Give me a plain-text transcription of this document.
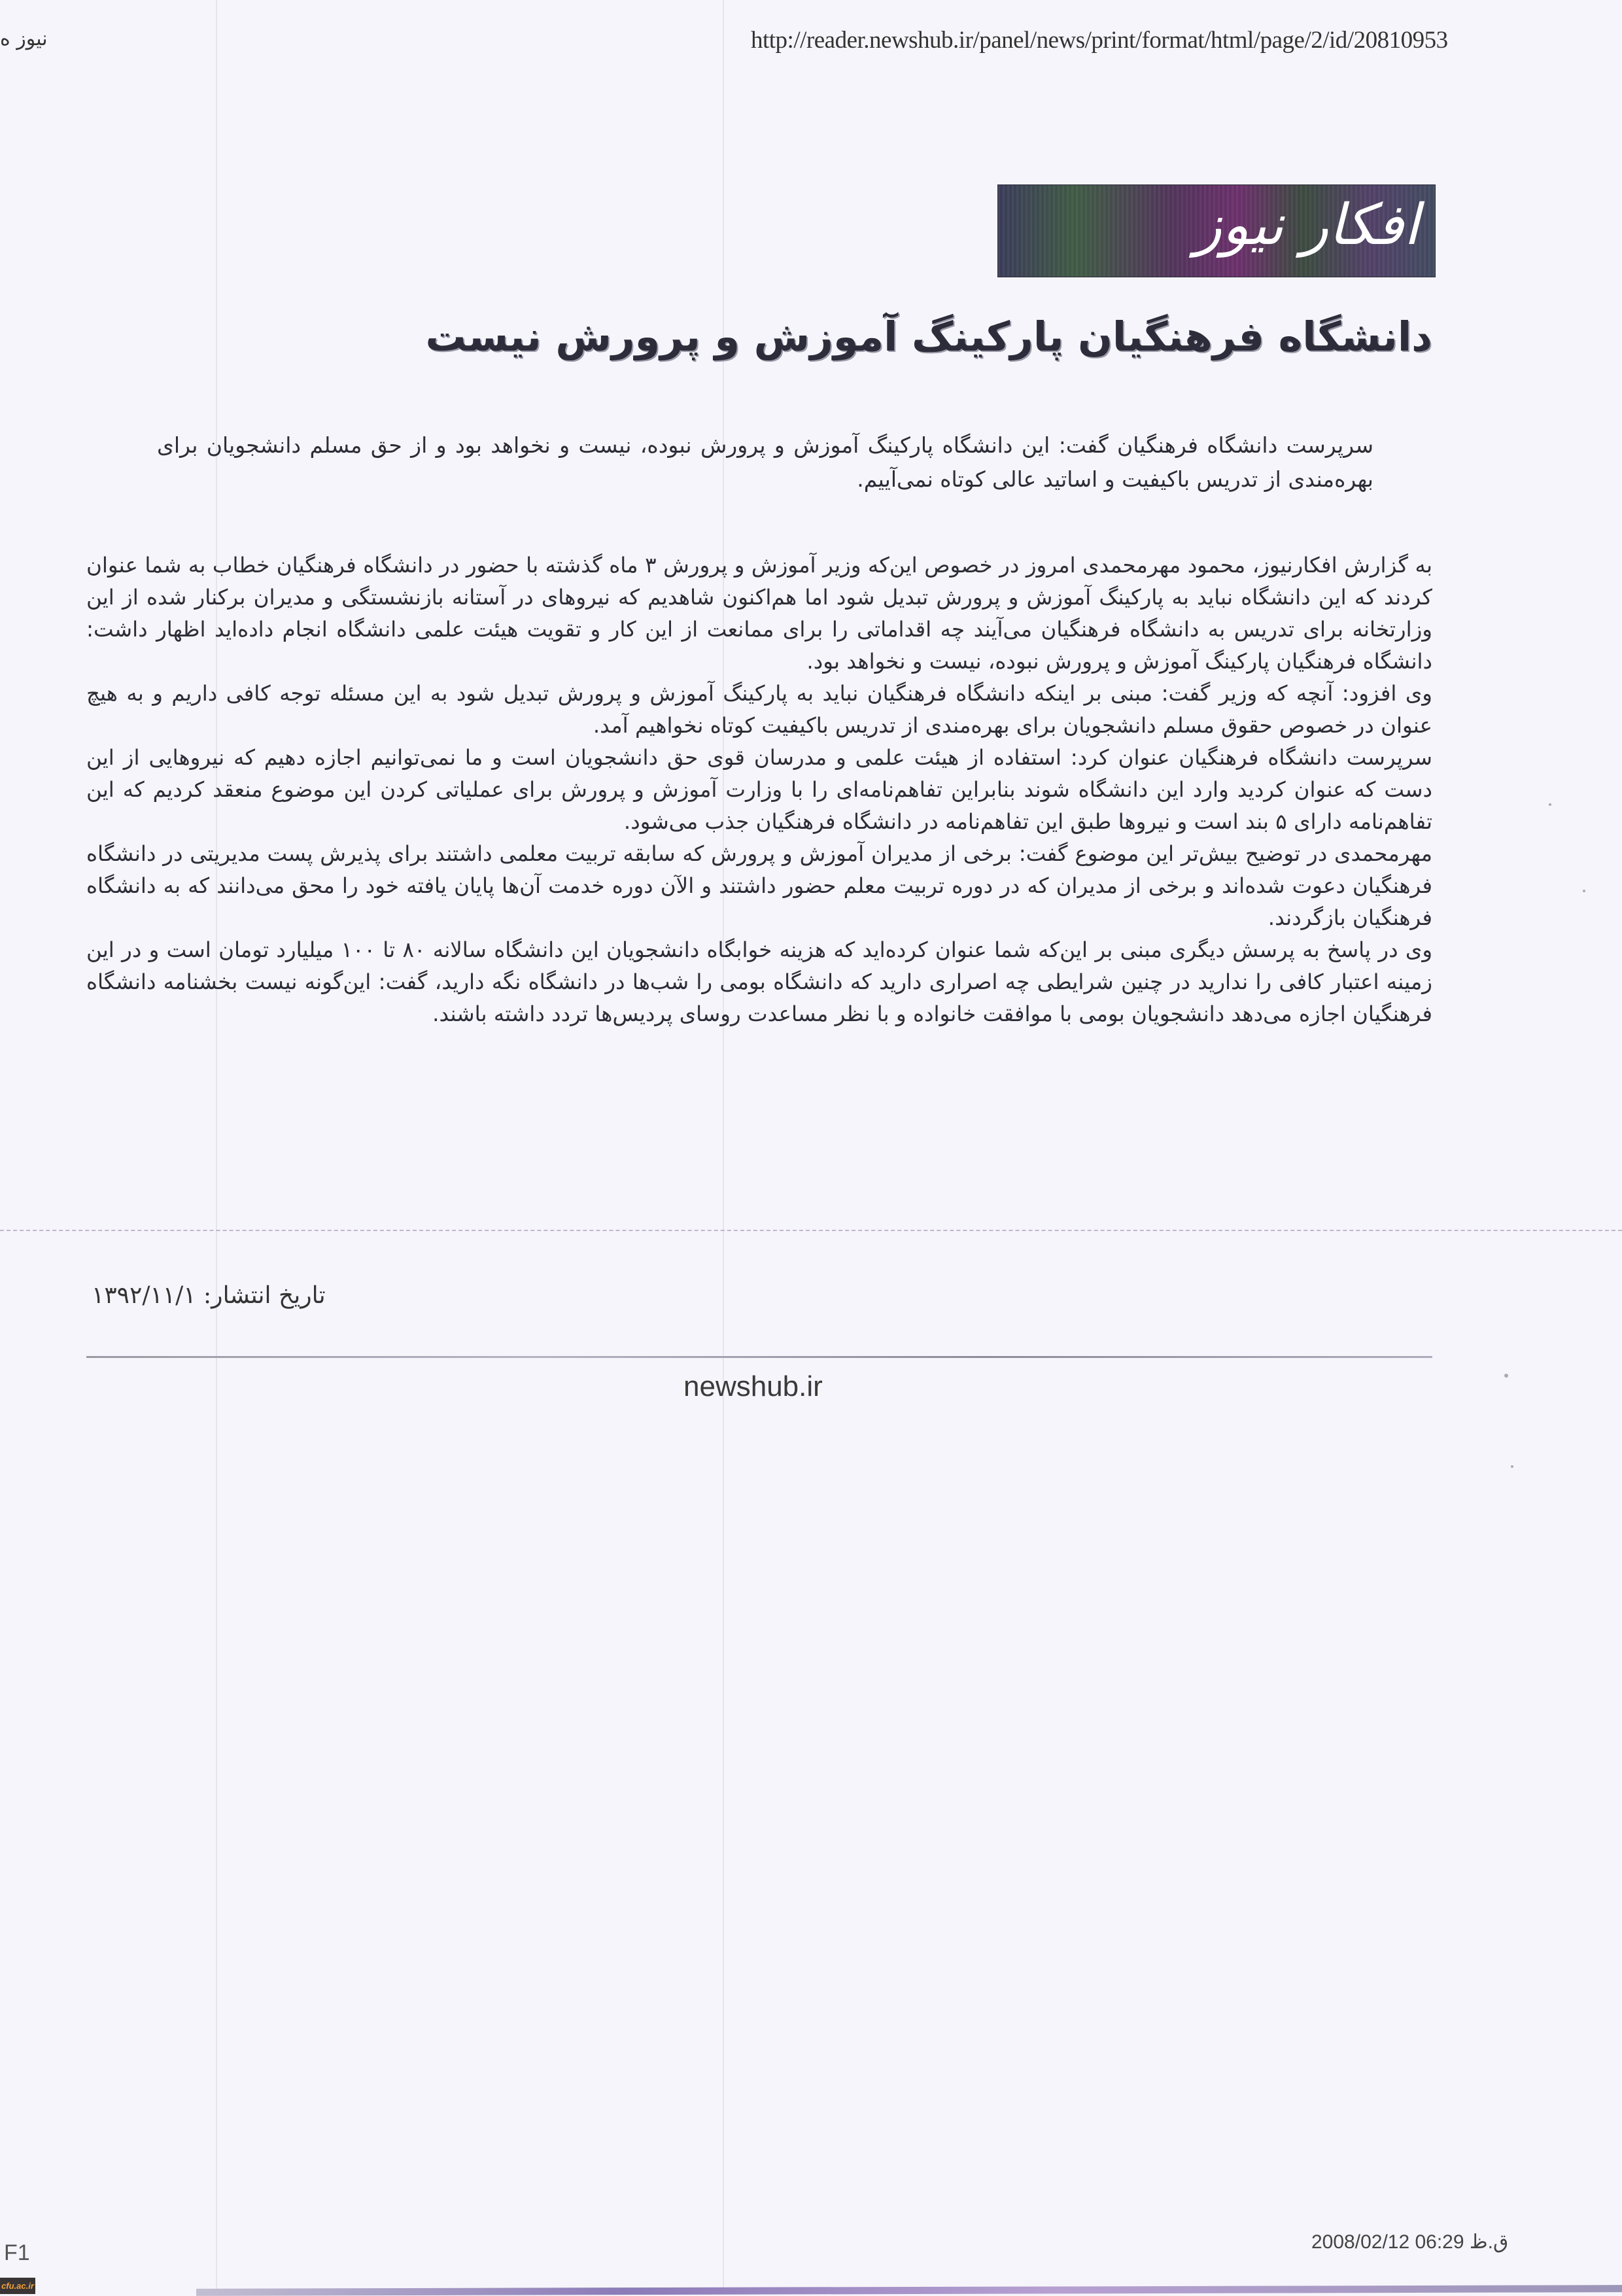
نیوز ه	http://reader.newshub.ir/panel/news/print/format/html/page/2/id/20810953
افکار نیوز
دانشگاه فرهنگیان پارکینگ آموزش و پرورش نیست
سرپرست دانشگاه فرهنگیان گفت: این دانشگاه پارکینگ آموزش و پرورش نبوده، نیست و نخواهد بود و از حق مسلم دانشجویان برای بهره‌مندی از تدریس باکیفیت و اساتید عالی کوتاه نمی‌آییم.

به گزارش افکارنیوز، محمود مهرمحمدی امروز در خصوص این‌که وزیر آموزش و پرورش ۳ ماه گذشته با حضور در دانشگاه فرهنگیان خطاب به شما عنوان کردند که این دانشگاه نباید به پارکینگ آموزش و پرورش تبدیل شود اما هم‌اکنون شاهدیم که نیروهای در آستانه بازنشستگی و مدیران برکنار شده از این وزارتخانه برای تدریس به دانشگاه فرهنگیان می‌آیند چه اقداماتی را برای ممانعت از این کار و تقویت هیئت علمی دانشگاه انجام داده‌اید اظهار داشت: دانشگاه فرهنگیان پارکینگ آموزش و پرورش نبوده، نیست و نخواهد بود.

وی افزود: آنچه که وزیر گفت: مبنی بر اینکه دانشگاه فرهنگیان نباید به پارکینگ آموزش و پرورش تبدیل شود به این مسئله توجه کافی داریم و به هیچ عنوان در خصوص حقوق مسلم دانشجویان برای بهره‌مندی از تدریس باکیفیت کوتاه نخواهیم آمد.

سرپرست دانشگاه فرهنگیان عنوان کرد: استفاده از هیئت علمی و مدرسان قوی حق دانشجویان است و ما نمی‌توانیم اجازه دهیم که نیروهایی از این دست که عنوان کردید وارد این دانشگاه شوند بنابراین تفاهم‌نامه‌ای را با وزارت آموزش و پرورش برای عملیاتی کردن این موضوع منعقد کردیم که این تفاهم‌نامه دارای ۵ بند است و نیروها طبق این تفاهم‌نامه در دانشگاه فرهنگیان جذب می‌شود.

مهرمحمدی در توضیح بیش‌تر این موضوع گفت: برخی از مدیران آموزش و پرورش که سابقه تربیت معلمی داشتند برای پذیرش پست مدیریتی در دانشگاه فرهنگیان دعوت شده‌اند و برخی از مدیران که در دوره تربیت معلم حضور داشتند و الآن دوره خدمت آن‌ها پایان یافته خود را محق می‌دانند که به دانشگاه فرهنگیان بازگردند.

وی در پاسخ به پرسش دیگری مبنی بر این‌که شما عنوان کرده‌اید که هزینه خوابگاه دانشجویان این دانشگاه سالانه ۸۰ تا ۱۰۰ میلیارد تومان است و در این زمینه اعتبار کافی را ندارید در چنین شرایطی چه اصراری دارید که دانشگاه بومی را شب‌ها در دانشگاه نگه دارید، گفت: این‌گونه نیست بخشنامه دانشگاه فرهنگیان اجازه می‌دهد دانشجویان بومی با موافقت خانواده و با نظر مساعدت روسای پردیس‌ها تردد داشته باشند.

تاریخ انتشار: ۱۳۹۲/۱۱/۱
newshub.ir
F1
cfu.ac.ir
2008/02/12 06:29 ق.ظ
